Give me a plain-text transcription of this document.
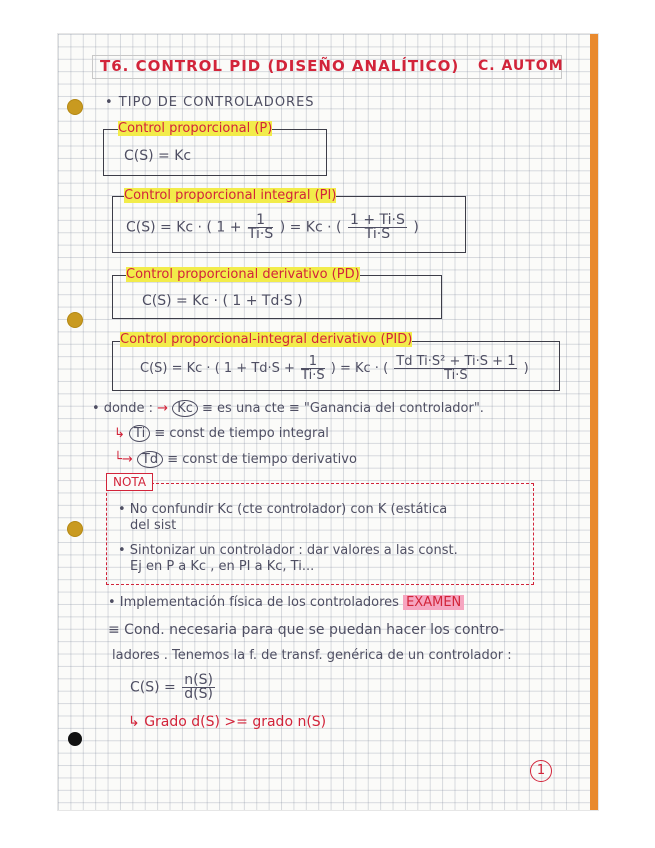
T6. CONTROL PID (DISEÑO ANALÍTICO) C. AUTOM
• TIPO DE CONTROLADORES
Control proporcional (P)
C(S) = Kc
Control proporcional integral (PI)
C(S) = Kc · ( $1 + \frac{1}{Ti\cdot S}$ ) = Kc · ( $\frac{1 + Ti\cdot S}{Ti\cdot S}$ )
Control proporcional derivativo (PD)
C(S) = Kc · ( 1 + Td·S )
Control proporcional-integral derivativo (PID)
C(S) = Kc · ( $1 + Td\cdot S + \frac{1}{Ti\cdot S}$ ) = Kc · ( $\frac{\text{Td Ti·S² + Ti·S + 1}}{Ti\cdot S}$ )
• donde : → Kc ≡ es una cte ≡ "Ganancia del controlador".
↳ Ti ≡ const de tiempo integral
└→ Td ≡ const de tiempo derivativo
NOTA
• No confundir Kc (cte controlador) con K (estática
del sist
• Sintonizar un controlador : dar valores a las const.
Ej en P a Kc , en PI a Kc, Ti...
• Implementación física de los controladores EXAMEN
≡ Cond. necesaria para que se puedan hacer los contro-
ladores . Tenemos la f. de transf. genérica de un controlador :
$C(S) = \frac{n(S)}{d(S)}$
↳ Grado d(S) >= grado n(S)
1
